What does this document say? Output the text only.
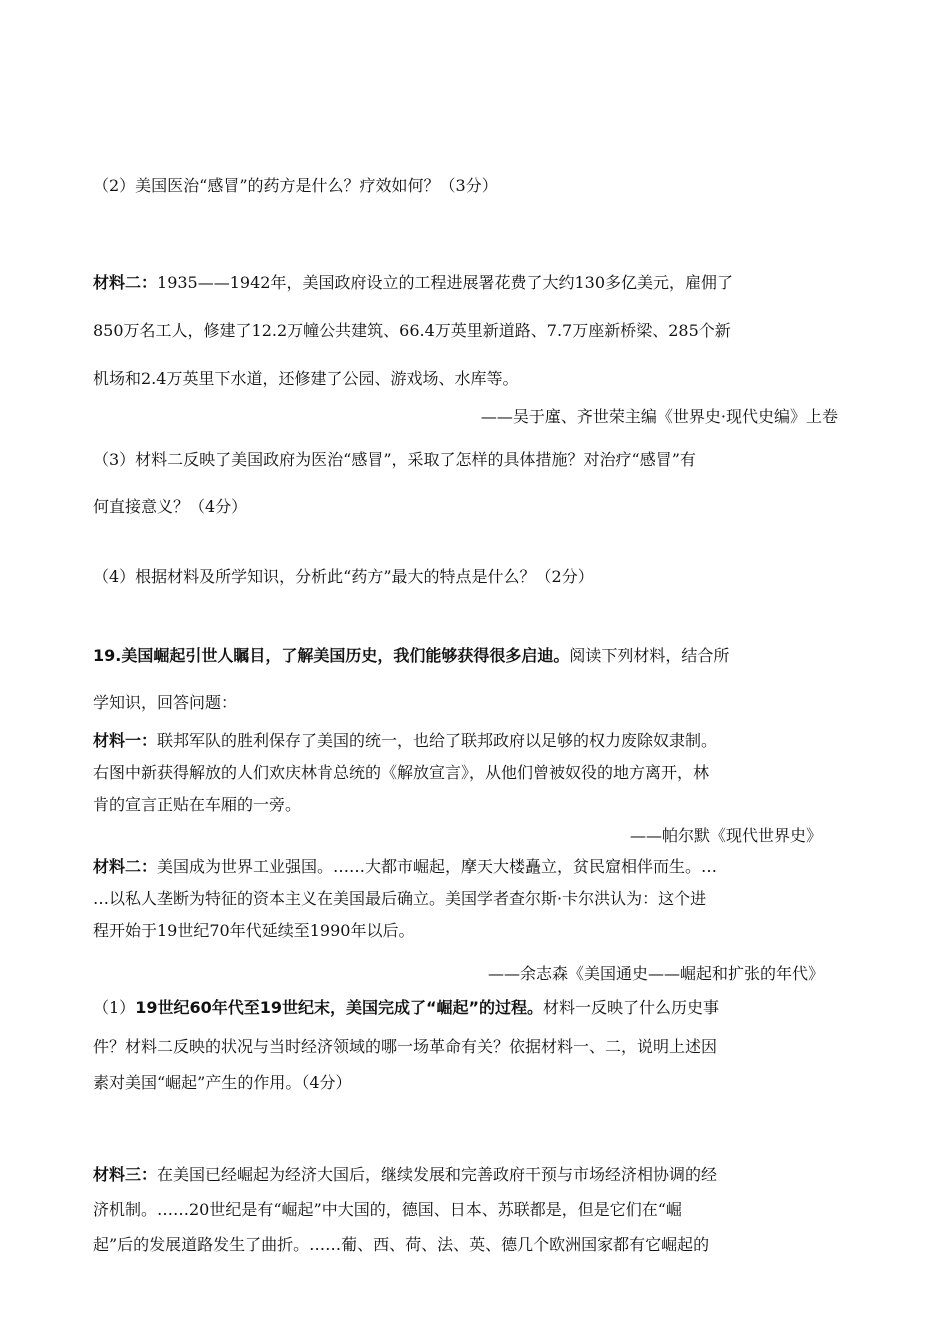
（2）美国医治“感冒”的药方是什么？疗效如何？（3分）

材料二：1935——1942年，美国政府设立的工程进展署花费了大约130多亿美元，雇佣了

850万名工人，修建了12.2万幢公共建筑、66.4万英里新道路、7.7万座新桥梁、285个新

机场和2.4万英里下水道，还修建了公园、游戏场、水库等。

——吴于廑、齐世荣主编《世界史·现代史编》上卷

（3）材料二反映了美国政府为医治“感冒”，采取了怎样的具体措施？对治疗“感冒”有

何直接意义？（4分）

（4）根据材料及所学知识，分析此“药方”最大的特点是什么？（2分）

19.美国崛起引世人瞩目，了解美国历史，我们能够获得很多启迪。阅读下列材料，结合所

学知识，回答问题：

材料一：联邦军队的胜利保存了美国的统一，也给了联邦政府以足够的权力废除奴隶制。

右图中新获得解放的人们欢庆林肯总统的《解放宣言》，从他们曾被奴役的地方离开，林

肯的宣言正贴在车厢的一旁。

——帕尔默《现代世界史》

材料二：美国成为世界工业强国。……大都市崛起，摩天大楼矗立，贫民窟相伴而生。…

…以私人垄断为特征的资本主义在美国最后确立。美国学者查尔斯·卡尔洪认为：这个进

程开始于19世纪70年代延续至1990年以后。

——余志森《美国通史——崛起和扩张的年代》

（1）19世纪60年代至19世纪末，美国完成了“崛起”的过程。材料一反映了什么历史事

件？材料二反映的状况与当时经济领域的哪一场革命有关？依据材料一、二，说明上述因

素对美国“崛起”产生的作用。（4分）

材料三：在美国已经崛起为经济大国后，继续发展和完善政府干预与市场经济相协调的经

济机制。……20世纪是有“崛起”中大国的，德国、日本、苏联都是，但是它们在“崛

起”后的发展道路发生了曲折。……葡、西、荷、法、英、德几个欧洲国家都有它崛起的
